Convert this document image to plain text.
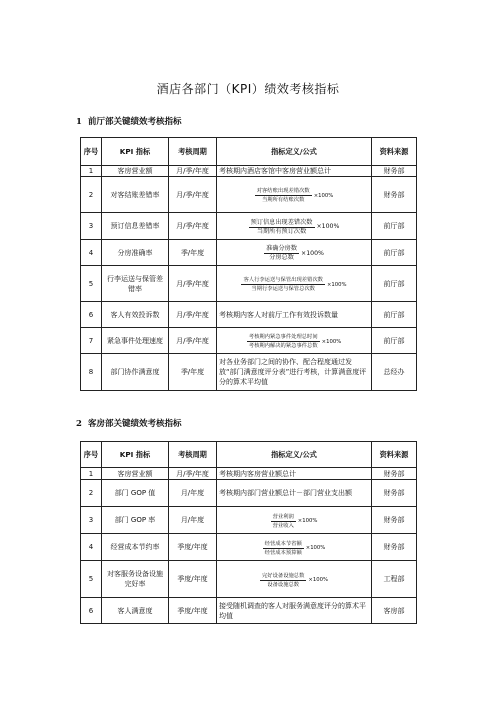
酒店各部门（KPI）绩效考核指标
1 前厅部关键绩效考核指标
序号	KPI 指标	考核周期	指标定义/公式	资料来源
1	客房营业额	月/季/年度	考核期内酒店客馆中客房营业额总计	财务部
2	对客结账差错率	月/季/年度	对客结账出现差错次数
当期所有结账次数
×100%	财务部
3	预订信息差错率	月/季/年度	预订信息出现差错次数
当期所有预订次数
×100%	前厅部
4	分房准确率	季/年度	准确分房数
分房总数
×100%	前厅部
5	行李运送与保管差错率	月/季/年度	客人行李运送与保管出现差错次数
当期行李运送与保管总次数
×100%	前厅部
6	客人有效投诉数	月/季/年度	考核期内客人对前厅工作有效投诉数量	前厅部
7	紧急事件处理速度	月/季/年度	考核期内紧急事件处理总时间
考核期内解决的紧急事件总数
×100%	前厅部
8	部门协作满意度	季/年度	对各业务部门之间的协作、配合程度通过发放“部门满意度评分表”进行考核，计算满意度评分的算术平均值	总经办
2 客房部关键绩效考核指标
序号	KPI 指标	考核周期	指标定义/公式	资料来源
1	客房营业额	月/季/年度	考核期内客房营业额总计	财务部
2	部门 GOP 值	月/年度	考核期内部门营业额总计－部门营业支出额	财务部
3	部门 GOP 率	月/年度	营业利润
营业收入
×100%	财务部
4	经营成本节约率	季度/年度	经营成本节省额
经营成本预算额
×100%	财务部
5	对客服务设备设施完好率	季度/年度	完好设备设施总数
设备设施总数
×100%	工程部
6	客人满意度	季度/年度	接受随机调查的客人对服务满意度评分的算术平均值	客房部
